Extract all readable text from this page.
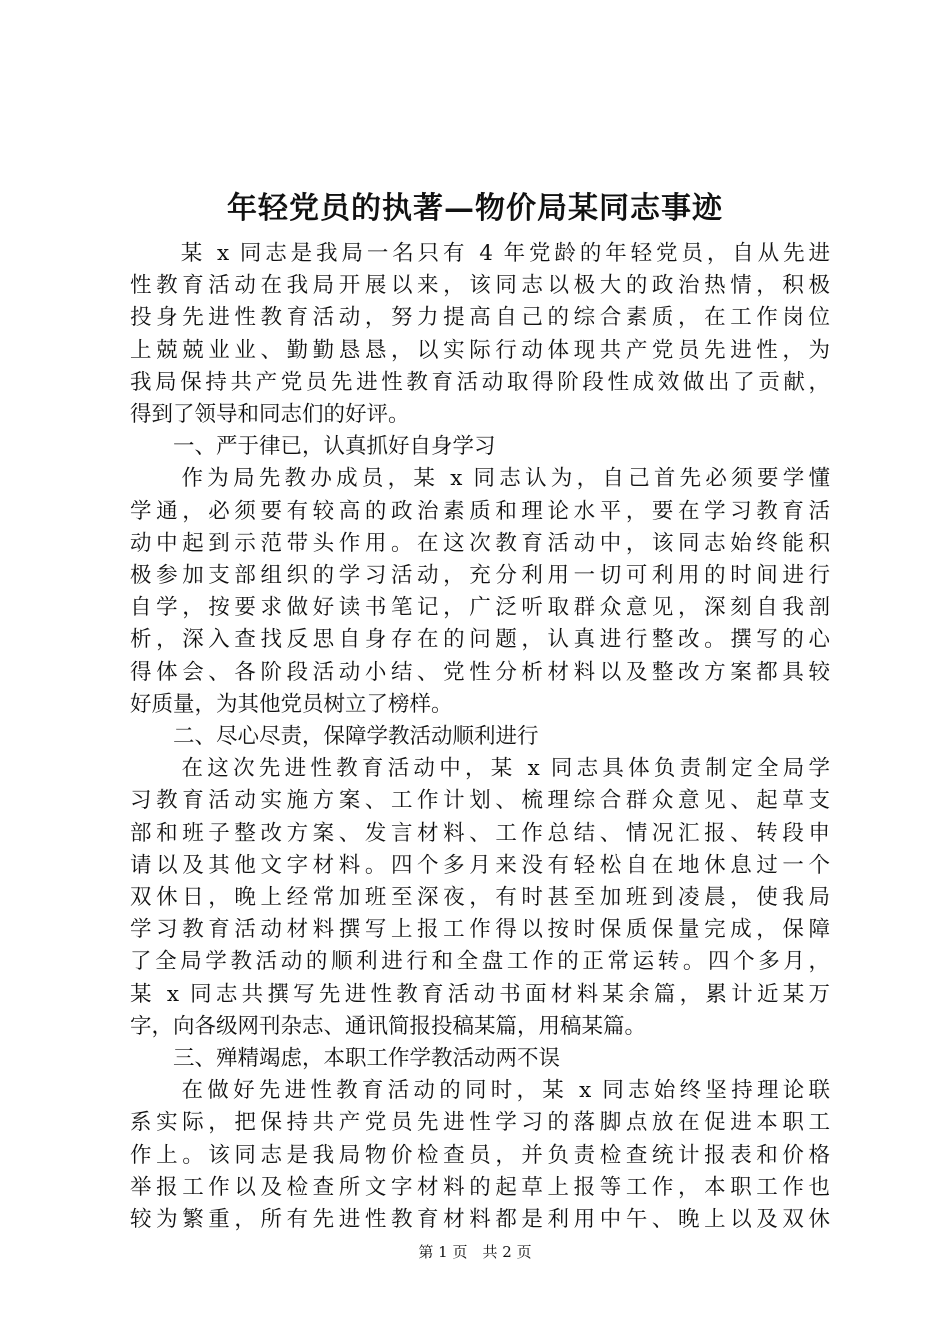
年轻党员的执著—物价局某同志事迹
　　某 x 同志是我局一名只有 4 年党龄的年轻党员，自从先进
性教育活动在我局开展以来，该同志以极大的政治热情，积极
投身先进性教育活动，努力提高自己的综合素质，在工作岗位
上兢兢业业、勤勤恳恳，以实际行动体现共产党员先进性，为
我局保持共产党员先进性教育活动取得阶段性成效做出了贡献，
得到了领导和同志们的好评。
　　一、严于律已，认真抓好自身学习
　　作为局先教办成员，某 x 同志认为，自己首先必须要学懂
学通，必须要有较高的政治素质和理论水平，要在学习教育活
动中起到示范带头作用。在这次教育活动中，该同志始终能积
极参加支部组织的学习活动，充分利用一切可利用的时间进行
自学，按要求做好读书笔记，广泛听取群众意见，深刻自我剖
析，深入查找反思自身存在的问题，认真进行整改。撰写的心
得体会、各阶段活动小结、党性分析材料以及整改方案都具较
好质量，为其他党员树立了榜样。
　　二、尽心尽责，保障学教活动顺利进行
　　在这次先进性教育活动中，某 x 同志具体负责制定全局学
习教育活动实施方案、工作计划、梳理综合群众意见、起草支
部和班子整改方案、发言材料、工作总结、情况汇报、转段申
请以及其他文字材料。四个多月来没有轻松自在地休息过一个
双休日，晚上经常加班至深夜，有时甚至加班到凌晨，使我局
学习教育活动材料撰写上报工作得以按时保质保量完成，保障
了全局学教活动的顺利进行和全盘工作的正常运转。四个多月，
某 x 同志共撰写先进性教育活动书面材料某余篇，累计近某万
字，向各级网刊杂志、通讯简报投稿某篇，用稿某篇。
　　三、殚精竭虑，本职工作学教活动两不误
　　在做好先进性教育活动的同时，某 x 同志始终坚持理论联
系实际，把保持共产党员先进性学习的落脚点放在促进本职工
作上。该同志是我局物价检查员，并负责检查统计报表和价格
举报工作以及检查所文字材料的起草上报等工作，本职工作也
较为繁重，所有先进性教育材料都是利用中午、晚上以及双休
第 1 页　共 2 页
